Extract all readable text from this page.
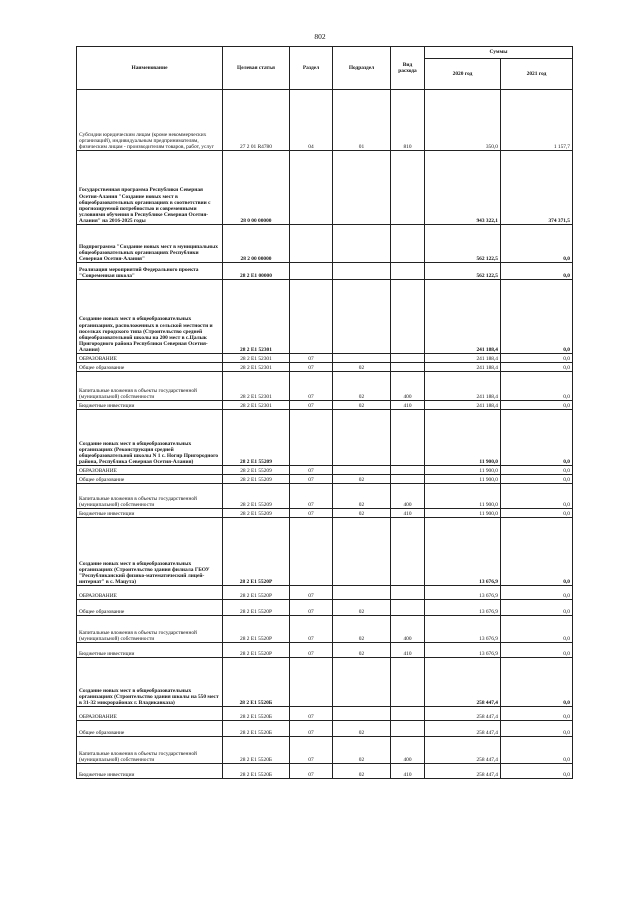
802
Наименование	Целевая статья	Раздел	Подраздел	Вид расхода	Суммы	
					2020 год	2021 год
Субсидии юридическим лицам (кроме некоммерческих организаций), индивидуальным предпринимателям, физическим лицам - производителям товаров, работ, услуг	27 2 01 R4780	04	01	810	350,0	1 157,7
Государственная программа Республики Северная Осетия-Алания "Создание новых мест в общеобразовательных организациях в соответствии с прогнозируемой потребностью и современными условиями обучения в Республике Северная Осетия-Алания" на 2016-2025 годы	28 0 00 00000				943 322,1	374 371,5
Подпрограмма "Создание новых мест в муниципальных общеобразовательных организациях Республики Северная Осетия-Алания"	28 2 00 00000				562 122,5	0,0
Реализация мероприятий Федерального проекта "Современная школа"	28 2 E1 00000				562 122,5	0,0
Создание новых мест в общеобразовательных организациях, расположенных в сельской местности и поселках городского типа (Строительство средней общеобразовательной школы на 200 мест в с.Цалык Пригородного района Республики Северная Осетия-Алания)	28 2 E1 52301				241 188,4	0,0
ОБРАЗОВАНИЕ	28 2 E1 52301	07			241 188,4	0,0
Общее образование	28 2 E1 52301	07	02		241 188,4	0,0
Капитальные вложения в объекты государственной (муниципальной) собственности	28 2 E1 52301	07	02	400	241 188,4	0,0
Бюджетные инвестиции	28 2 E1 52301	07	02	410	241 188,4	0,0
Создание новых мест в общеобразовательных организациях (Реконструкция средней общеобразовательной школы N 1 с. Ногир Пригородного района, Республика Северная Осетия-Алания)	28 2 E1 55209				11 900,0	0,0
ОБРАЗОВАНИЕ	28 2 E1 55209	07			11 900,0	0,0
Общее образование	28 2 E1 55209	07	02		11 900,0	0,0
Капитальные вложения в объекты государственной (муниципальной) собственности	28 2 E1 55209	07	02	400	11 900,0	0,0
Бюджетные инвестиции	28 2 E1 55209	07	02	410	11 900,0	0,0
Создание новых мест в общеобразовательных организациях (Строительство здания филиала ГБОУ "Республиканский физико-математический лицей-интернат" в с. Мацута)	28 2 E1 5520Р				13 676,9	0,0
ОБРАЗОВАНИЕ	28 2 E1 5520Р	07			13 676,9	0,0
Общее образование	28 2 E1 5520Р	07	02		13 676,9	0,0
Капитальные вложения в объекты государственной (муниципальной) собственности	28 2 E1 5520Р	07	02	400	13 676,9	0,0
Бюджетные инвестиции	28 2 E1 5520Р	07	02	410	13 676,9	0,0
Создание новых мест в общеобразовательных организациях (Строительство здания школы на 550 мест в 31-32 микрорайонах г. Владикавказа)	28 2 E1 5520Б				258 447,4	0,0
ОБРАЗОВАНИЕ	28 2 E1 5520Б	07			258 447,4	0,0
Общее образование	28 2 E1 5520Б	07	02		258 447,4	0,0
Капитальные вложения в объекты государственной (муниципальной) собственности	28 2 E1 5520Б	07	02	400	258 447,4	0,0
Бюджетные инвестиции	28 2 E1 5520Б	07	02	410	258 447,4	0,0
